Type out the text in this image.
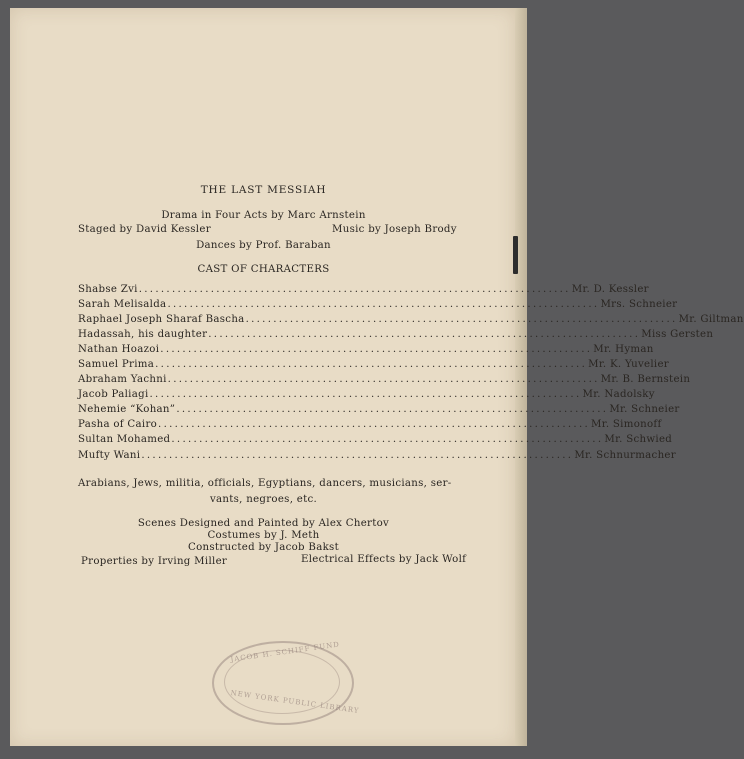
THE LAST MESSIAH
Drama in Four Acts by Marc Arnstein
Staged by David Kessler	Music by Joseph Brody
Dances by Prof. Baraban
CAST OF CHARACTERS
Shabse Zvi .............................................................................. Mr. D. Kessler
Sarah Melisalda .............................................................................. Mrs. Schneier
Raphael Joseph Sharaf Bascha .............................................................................. Mr. Giltman
Hadassah, his daughter .............................................................................. Miss Gersten
Nathan Hoazoi .............................................................................. Mr. Hyman
Samuel Prima .............................................................................. Mr. K. Yuvelier
Abraham Yachni .............................................................................. Mr. B. Bernstein
Jacob Paliagi .............................................................................. Mr. Nadolsky
Nehemie “Kohan” .............................................................................. Mr. Schneier
Pasha of Cairo .............................................................................. Mr. Simonoff
Sultan Mohamed .............................................................................. Mr. Schwied
Mufty Wani .............................................................................. Mr. Schnurmacher
Arabians, Jews, militia, officials, Egyptians, dancers, musicians, ser-
vants, negroes, etc.
Scenes Designed and Painted by Alex Chertov
Costumes by J. Meth
Constructed by Jacob Bakst
Properties by Irving Miller	Electrical Effects by Jack Wolf
JACOB H. SCHIFF FUND
NEW YORK PUBLIC LIBRARY
